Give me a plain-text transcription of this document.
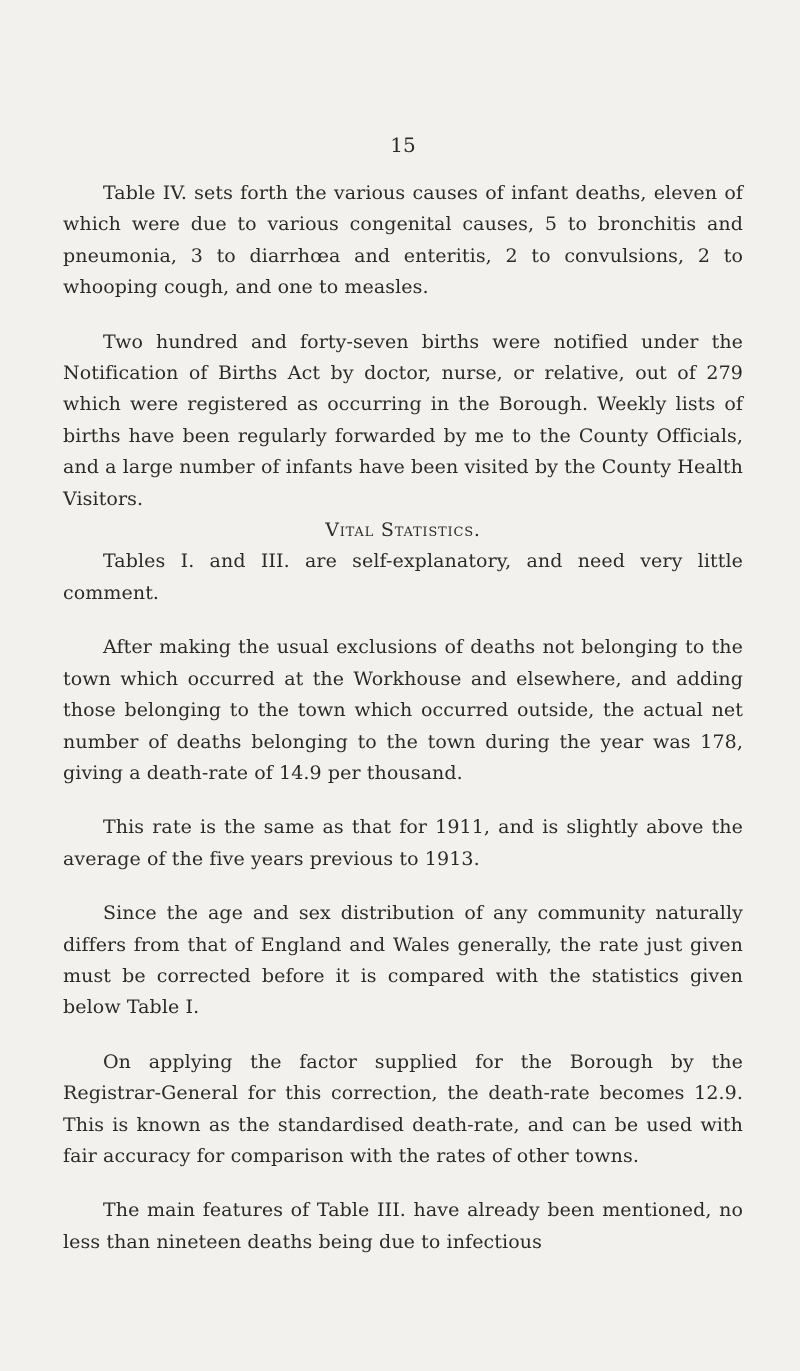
15

Table IV. sets forth the various causes of infant deaths, eleven of which were due to various congenital causes, 5 to bronchitis and pneumonia, 3 to diarrhœa and enteritis, 2 to convulsions, 2 to whooping cough, and one to measles.

Two hundred and forty-seven births were notified under the Notification of Births Act by doctor, nurse, or relative, out of 279 which were registered as occurring in the Borough. Weekly lists of births have been regularly forwarded by me to the County Officials, and a large number of infants have been visited by the County Health Visitors.

Vital Statistics.

Tables I. and III. are self-explanatory, and need very little comment.

After making the usual exclusions of deaths not belonging to the town which occurred at the Workhouse and elsewhere, and adding those belonging to the town which occurred outside, the actual net number of deaths belonging to the town during the year was 178, giving a death-rate of 14.9 per thousand.

This rate is the same as that for 1911, and is slightly above the average of the five years previous to 1913.

Since the age and sex distribution of any community naturally differs from that of England and Wales generally, the rate just given must be corrected before it is compared with the statistics given below Table I.

On applying the factor supplied for the Borough by the Registrar-General for this correction, the death-rate becomes 12.9. This is known as the standardised death-rate, and can be used with fair accuracy for comparison with the rates of other towns.

The main features of Table III. have already been mentioned, no less than nineteen deaths being due to infectious
